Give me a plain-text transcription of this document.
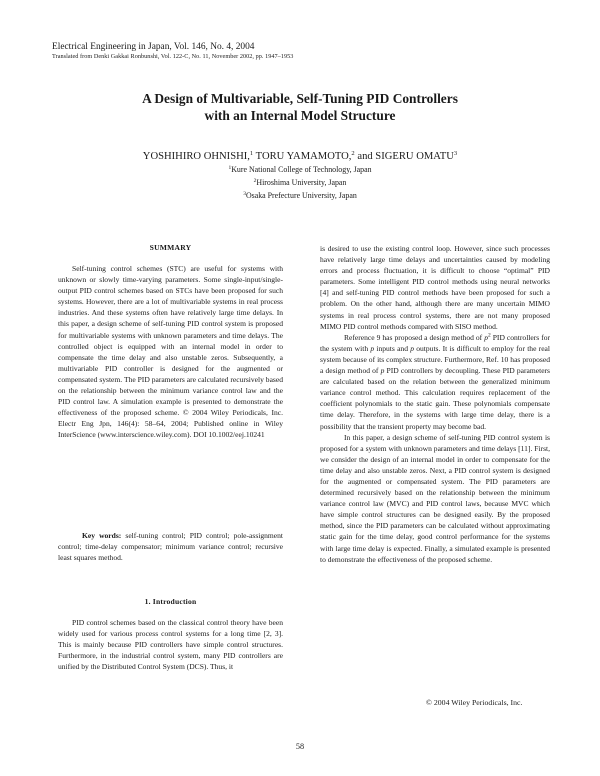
Electrical Engineering in Japan, Vol. 146, No. 4, 2004
Translated from Denki Gakkai Ronbunshi, Vol. 122-C, No. 11, November 2002, pp. 1947–1953
A Design of Multivariable, Self-Tuning PID Controllers
with an Internal Model Structure
YOSHIHIRO OHNISHI,$^1$ TORU YAMAMOTO,$^2$ and SIGERU OMATU$^3$
$^1$Kure National College of Technology, Japan
$^2$Hiroshima University, Japan
$^3$Osaka Prefecture University, Japan
SUMMARY

Self-tuning control schemes (STC) are useful for systems with unknown or slowly time-varying parameters. Some single-input/single-output PID control schemes based on STCs have been proposed for such systems. However, there are a lot of multivariable systems in real process industries. And these systems often have relatively large time delays. In this paper, a design scheme of self-tuning PID control system is proposed for multivariable systems with unknown parameters and time delays. The controlled object is equipped with an internal model in order to compensate the time delay and also unstable zeros. Subsequently, a multivariable PID controller is designed for the augmented or compensated system. The PID parameters are calculated recursively based on the relationship between the minimum variance control law and the PID control law. A simulation example is presented to demonstrate the effectiveness of the proposed scheme. © 2004 Wiley Periodicals, Inc. Electr Eng Jpn, 146(4): 58–64, 2004; Published online in Wiley InterScience (www.interscience.wiley.com). DOI 10.1002/eej.10241

Key words: self-tuning control; PID control; pole-assignment control; time-delay compensator; minimum variance control; recursive least squares method.
1. Introduction

PID control schemes based on the classical control theory have been widely used for various process control systems for a long time [2, 3]. This is mainly because PID controllers have simple control structures. Furthermore, in the industrial control system, many PID controllers are unified by the Distributed Control System (DCS). Thus, it

is desired to use the existing control loop. However, since such processes have relatively large time delays and uncertainties caused by modeling errors and process fluctuation, it is difficult to choose “optimal” PID parameters. Some intelligent PID control methods using neural networks [4] and self-tuning PID control methods have been proposed for such a problem. On the other hand, although there are many uncertain MIMO systems in real process control systems, there are not many proposed MIMO PID control methods compared with SISO method.

Reference 9 has proposed a design method of $p^2$ PID controllers for the system with p inputs and p outputs. It is difficult to employ for the real system because of its complex structure. Furthermore, Ref. 10 has proposed a design method of p PID controllers by decoupling. These PID parameters are calculated based on the relation between the generalized minimum variance control method. This calculation requires replacement of the coefficient polynomials to the static gain. These polynomials compensate time delay. Therefore, in the systems with large time delay, there is a possibility that the transient property may become bad.

In this paper, a design scheme of self-tuning PID control system is proposed for a system with unknown parameters and time delays [11]. First, we consider the design of an internal model in order to compensate for the time delay and also unstable zeros. Next, a PID control system is designed for the augmented or compensated system. The PID parameters are determined recursively based on the relationship between the minimum variance control law (MVC) and PID control laws, because MVC which have simple control structures can be designed easily. By the proposed method, since the PID parameters can be calculated without approximating static gain for the time delay, good control performance for the systems with large time delay is expected. Finally, a simulated example is presented to demonstrate the effectiveness of the proposed scheme.

© 2004 Wiley Periodicals, Inc.
58
